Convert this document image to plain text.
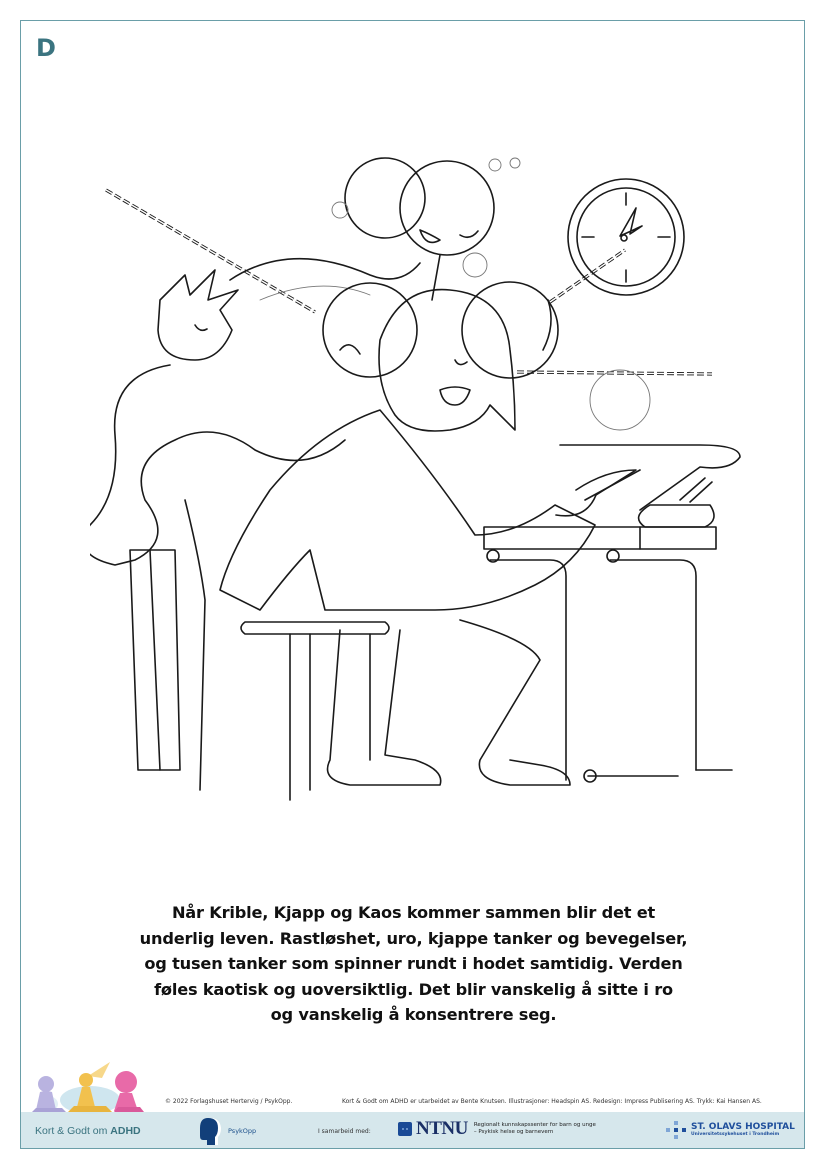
D
Når Krible, Kjapp og Kaos kommer sammen blir det et
underlig leven. Rastløshet, uro, kjappe tanker og bevegelser,
og tusen tanker som spinner rundt i hodet samtidig. Verden
føles kaotisk og uoversiktlig. Det blir vanskelig å sitte i ro
og vanskelig å konsentrere seg.
© 2022 Forlagshuset Hertervig / PsykOpp.	Kort & Godt om ADHD er utarbeidet av Bente Knutsen. Illustrasjoner: Headspin AS. Redesign: Impress Publisering AS. Trykk: Kai Hansen AS.
Kort & Godt om ADHD	PsykOpp	I samarbeid med: NTNU Regionalt kunnskapssenter for barn og unge
– Psykisk helse og barnevern	ST. OLAVS HOSPITAL
Universitetssykehuset i Trondheim
